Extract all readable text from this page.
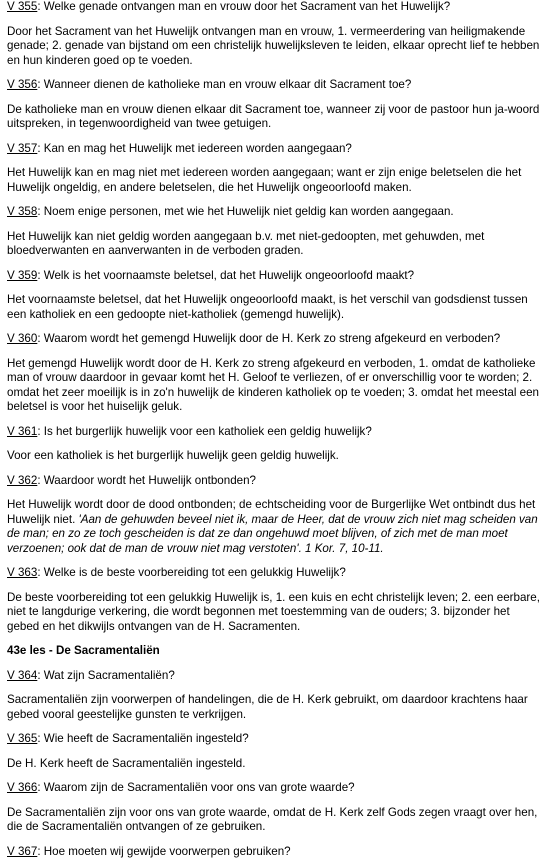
V 355: Welke genade ontvangen man en vrouw door het Sacrament van het Huwelijk?
Door het Sacrament van het Huwelijk ontvangen man en vrouw, 1. vermeerdering van heiligmakende genade; 2. genade van bijstand om een christelijk huwelijksleven te leiden, elkaar oprecht lief te hebben en hun kinderen goed op te voeden.
V 356: Wanneer dienen de katholieke man en vrouw elkaar dit Sacrament toe?
De katholieke man en vrouw dienen elkaar dit Sacrament toe, wanneer zij voor de pastoor hun ja-woord uitspreken, in tegenwoordigheid van twee getuigen.
V 357: Kan en mag het Huwelijk met iedereen worden aangegaan?
Het Huwelijk kan en mag niet met iedereen worden aangegaan; want er zijn enige beletselen die het Huwelijk ongeldig, en andere beletselen, die het Huwelijk ongeoorloofd maken.
V 358: Noem enige personen, met wie het Huwelijk niet geldig kan worden aangegaan.
Het Huwelijk kan niet geldig worden aangegaan b.v. met niet-gedoopten, met gehuwden, met bloedverwanten en aanverwanten in de verboden graden.
V 359: Welk is het voornaamste beletsel, dat het Huwelijk ongeoorloofd maakt?
Het voornaamste beletsel, dat het Huwelijk ongeoorloofd maakt, is het verschil van godsdienst tussen een katholiek en een gedoopte niet-katholiek (gemengd huwelijk).
V 360: Waarom wordt het gemengd Huwelijk door de H. Kerk zo streng afgekeurd en verboden?
Het gemengd Huwelijk wordt door de H. Kerk zo streng afgekeurd en verboden, 1. omdat de katholieke man of vrouw daardoor in gevaar komt het H. Geloof te verliezen, of er onverschillig voor te worden; 2. omdat het zeer moeilijk is in zo'n huwelijk de kinderen katholiek op te voeden; 3. omdat het meestal een beletsel is voor het huiselijk geluk.
V 361: Is het burgerlijk huwelijk voor een katholiek een geldig huwelijk?
Voor een katholiek is het burgerlijk huwelijk geen geldig huwelijk.
V 362: Waardoor wordt het Huwelijk ontbonden?
Het Huwelijk wordt door de dood ontbonden; de echtscheiding voor de Burgerlijke Wet ontbindt dus het Huwelijk niet. 'Aan de gehuwden beveel niet ik, maar de Heer, dat de vrouw zich niet mag scheiden van de man; en zo ze toch gescheiden is dat ze dan ongehuwd moet blijven, of zich met de man moet verzoenen; ook dat de man de vrouw niet mag verstoten'. 1 Kor. 7, 10-11.
V 363: Welke is de beste voorbereiding tot een gelukkig Huwelijk?
De beste voorbereiding tot een gelukkig Huwelijk is, 1. een kuis en echt christelijk leven; 2. een eerbare, niet te langdurige verkering, die wordt begonnen met toestemming van de ouders; 3. bijzonder het gebed en het dikwijls ontvangen van de H. Sacramenten.
43e les - De Sacramentaliën
V 364: Wat zijn Sacramentaliën?
Sacramentaliën zijn voorwerpen of handelingen, die de H. Kerk gebruikt, om daardoor krachtens haar gebed vooral geestelijke gunsten te verkrijgen.
V 365: Wie heeft de Sacramentaliën ingesteld?
De H. Kerk heeft de Sacramentaliën ingesteld.
V 366: Waarom zijn de Sacramentaliën voor ons van grote waarde?
De Sacramentaliën zijn voor ons van grote waarde, omdat de H. Kerk zelf Gods zegen vraagt over hen, die de Sacramentaliën ontvangen of ze gebruiken.
V 367: Hoe moeten wij gewijde voorwerpen gebruiken?
